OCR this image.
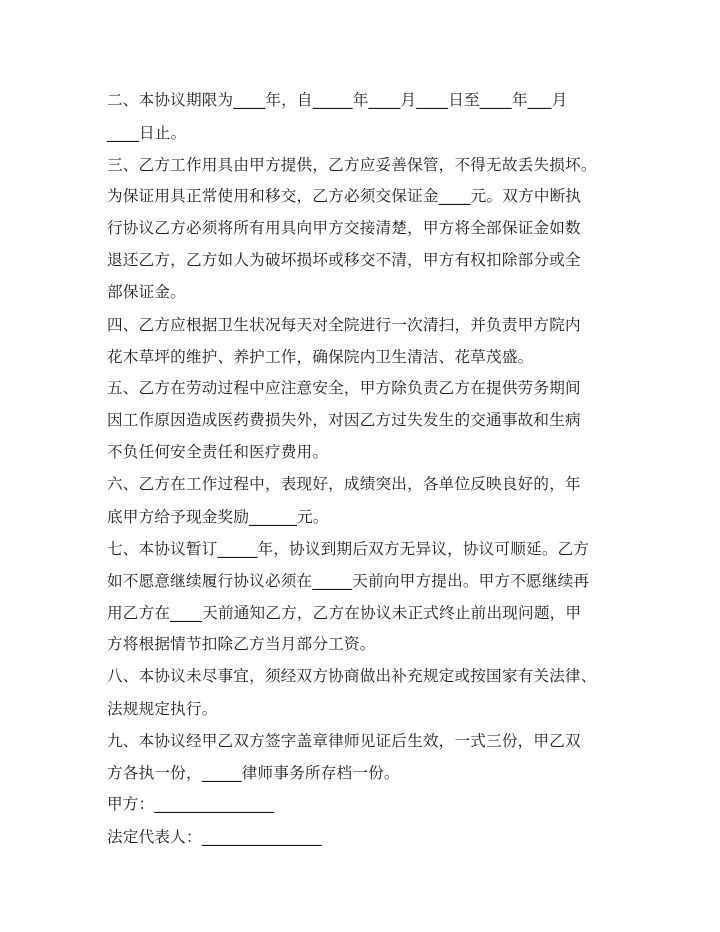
二、本协议期限为____年，自_____年____月____日至____年___月
____日止。
三、乙方工作用具由甲方提供，乙方应妥善保管，不得无故丢失损坏。
为保证用具正常使用和移交，乙方必须交保证金____元。双方中断执
行协议乙方必须将所有用具向甲方交接清楚，甲方将全部保证金如数
退还乙方，乙方如人为破坏损坏或移交不清，甲方有权扣除部分或全
部保证金。
四、乙方应根据卫生状况每天对全院进行一次清扫，并负责甲方院内
花木草坪的维护、养护工作，确保院内卫生清洁、花草茂盛。
五、乙方在劳动过程中应注意安全，甲方除负责乙方在提供劳务期间
因工作原因造成医药费损失外，对因乙方过失发生的交通事故和生病
不负任何安全责任和医疗费用。
六、乙方在工作过程中，表现好，成绩突出，各单位反映良好的，年
底甲方给予现金奖励______元。
七、本协议暂订_____年，协议到期后双方无异议，协议可顺延。乙方
如不愿意继续履行协议必须在_____天前向甲方提出。甲方不愿继续再
用乙方在____天前通知乙方，乙方在协议未正式终止前出现问题，甲
方将根据情节扣除乙方当月部分工资。
八、本协议未尽事宜，须经双方协商做出补充规定或按国家有关法律、
法规规定执行。
九、本协议经甲乙双方签字盖章律师见证后生效，一式三份，甲乙双
方各执一份，_____律师事务所存档一份。
甲方：_______________
法定代表人：_______________
